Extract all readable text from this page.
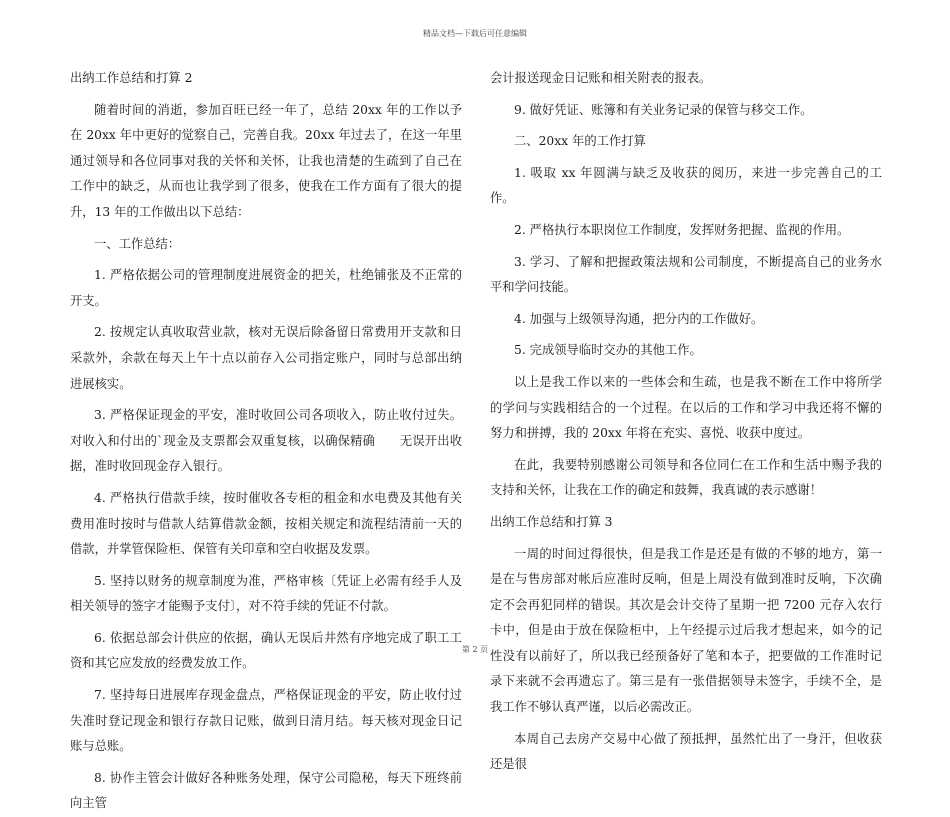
精品文档—下载后可任意编辑

出纳工作总结和打算 2

随着时间的消逝，参加百旺已经一年了，总结 20xx 年的工作以予在 20xx 年中更好的觉察自己，完善自我。20xx 年过去了，在这一年里通过领导和各位同事对我的关怀和关怀，让我也清楚的生疏到了自己在工作中的缺乏，从而也让我学到了很多，使我在工作方面有了很大的提升，13 年的工作做出以下总结：

一、工作总结：

1. 严格依据公司的管理制度进展资金的把关，杜绝铺张及不正常的开支。

2. 按规定认真收取营业款，核对无误后除备留日常费用开支款和日采款外，余款在每天上午十点以前存入公司指定账户，同时与总部出纳进展核实。

3. 严格保证现金的平安，准时收回公司各项收入，防止收付过失。对收入和付出的`现金及支票都会双重复核，以确保精确　　无误开出收据，准时收回现金存入银行。

4. 严格执行借款手续，按时催收各专柜的租金和水电费及其他有关费用准时按时与借款人结算借款金额，按相关规定和流程结清前一天的借款，并掌管保险柜、保管有关印章和空白收据及发票。

5. 坚持以财务的规章制度为准，严格审核〔凭证上必需有经手人及相关领导的签字才能赐予支付〕，对不符手续的凭证不付款。

6. 依据总部会计供应的依据，确认无误后井然有序地完成了职工工资和其它应发放的经费发放工作。

7. 坚持每日进展库存现金盘点，严格保证现金的平安，防止收付过失准时登记现金和银行存款日记账，做到日清月结。每天核对现金日记账与总账。

8. 协作主管会计做好各种账务处理，保守公司隐秘，每天下班终前向主管

会计报送现金日记账和相关附表的报表。

9. 做好凭证、账簿和有关业务记录的保管与移交工作。

二、20xx 年的工作打算

1. 吸取 xx 年圆满与缺乏及收获的阅历，来进一步完善自己的工作。

2. 严格执行本职岗位工作制度，发挥财务把握、监视的作用。

3. 学习、了解和把握政策法规和公司制度，不断提高自己的业务水平和学问技能。

4. 加强与上级领导沟通，把分内的工作做好。

5. 完成领导临时交办的其他工作。

以上是我工作以来的一些体会和生疏，也是我不断在工作中将所学的学问与实践相结合的一个过程。在以后的工作和学习中我还将不懈的努力和拼搏，我的 20xx 年将在充实、喜悦、收获中度过。

在此，我要特别感谢公司领导和各位同仁在工作和生活中赐予我的支持和关怀，让我在工作的确定和鼓舞，我真诚的表示感谢！

出纳工作总结和打算 3

一周的时间过得很快，但是我工作是还是有做的不够的地方，第一是在与售房部对帐后应准时反响，但是上周没有做到准时反响，下次确定不会再犯同样的错误。其次是会计交待了星期一把 7200 元存入农行卡中，但是由于放在保险柜中，上午经提示过后我才想起来，如今的记性没有以前好了，所以我已经预备好了笔和本子，把要做的工作准时记录下来就不会再遗忘了。第三是有一张借据领导未签字，手续不全，是我工作不够认真严谨，以后必需改正。

本周自己去房产交易中心做了预抵押，虽然忙出了一身汗，但收获还是很

第 2 页
